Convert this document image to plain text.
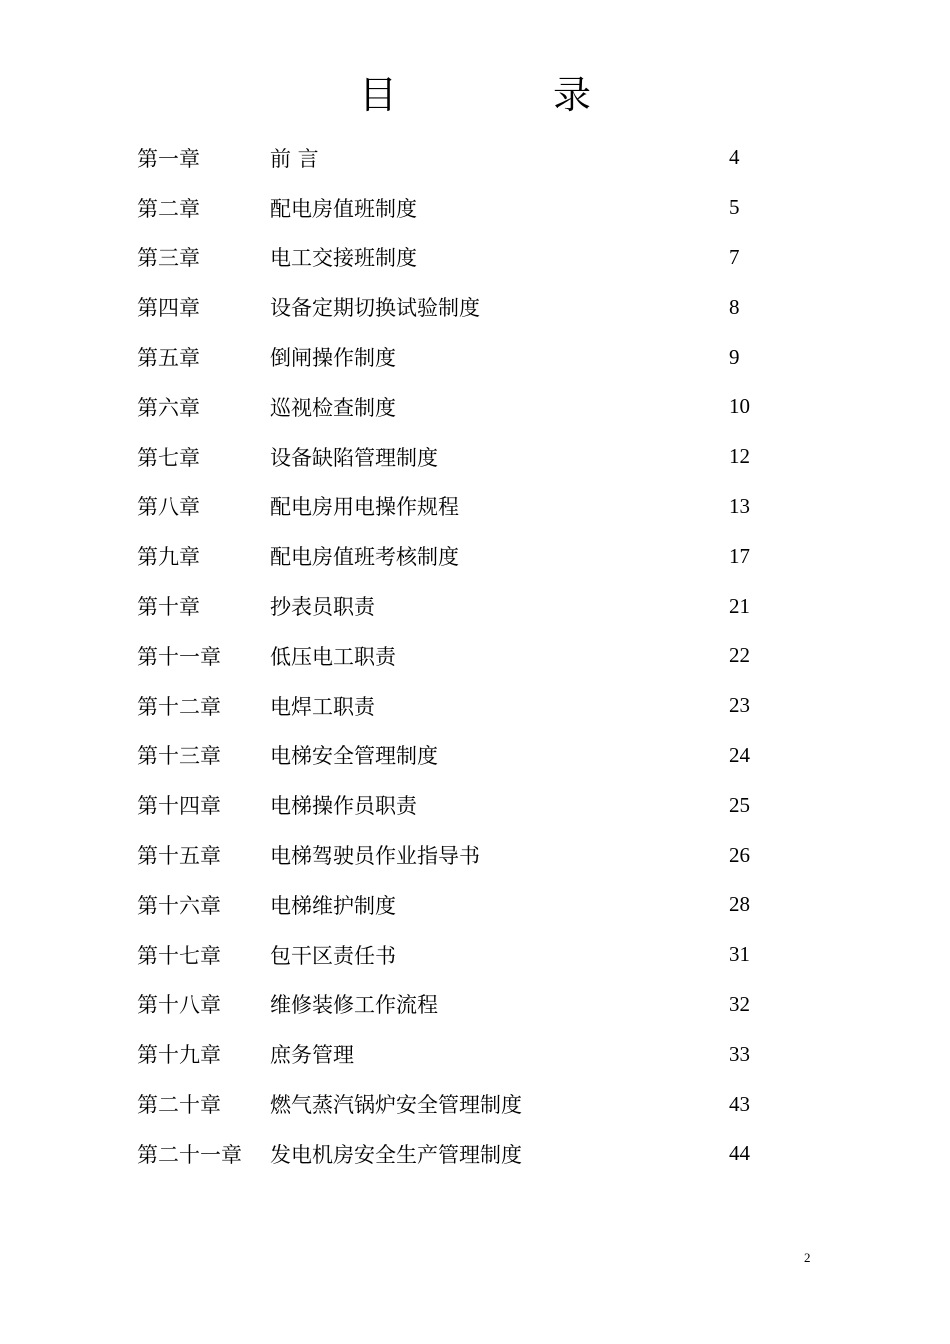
目 录
第一章	前 言	4
第二章	配电房值班制度	5
第三章	电工交接班制度	7
第四章	设备定期切换试验制度	8
第五章	倒闸操作制度	9
第六章	巡视检查制度	10
第七章	设备缺陷管理制度	12
第八章	配电房用电操作规程	13
第九章	配电房值班考核制度	17
第十章	抄表员职责	21
第十一章	低压电工职责	22
第十二章	电焊工职责	23
第十三章	电梯安全管理制度	24
第十四章	电梯操作员职责	25
第十五章	电梯驾驶员作业指导书	26
第十六章	电梯维护制度	28
第十七章	包干区责任书	31
第十八章	维修装修工作流程	32
第十九章	庶务管理	33
第二十章	燃气蒸汽锅炉安全管理制度	43
第二十一章	发电机房安全生产管理制度	44
2
